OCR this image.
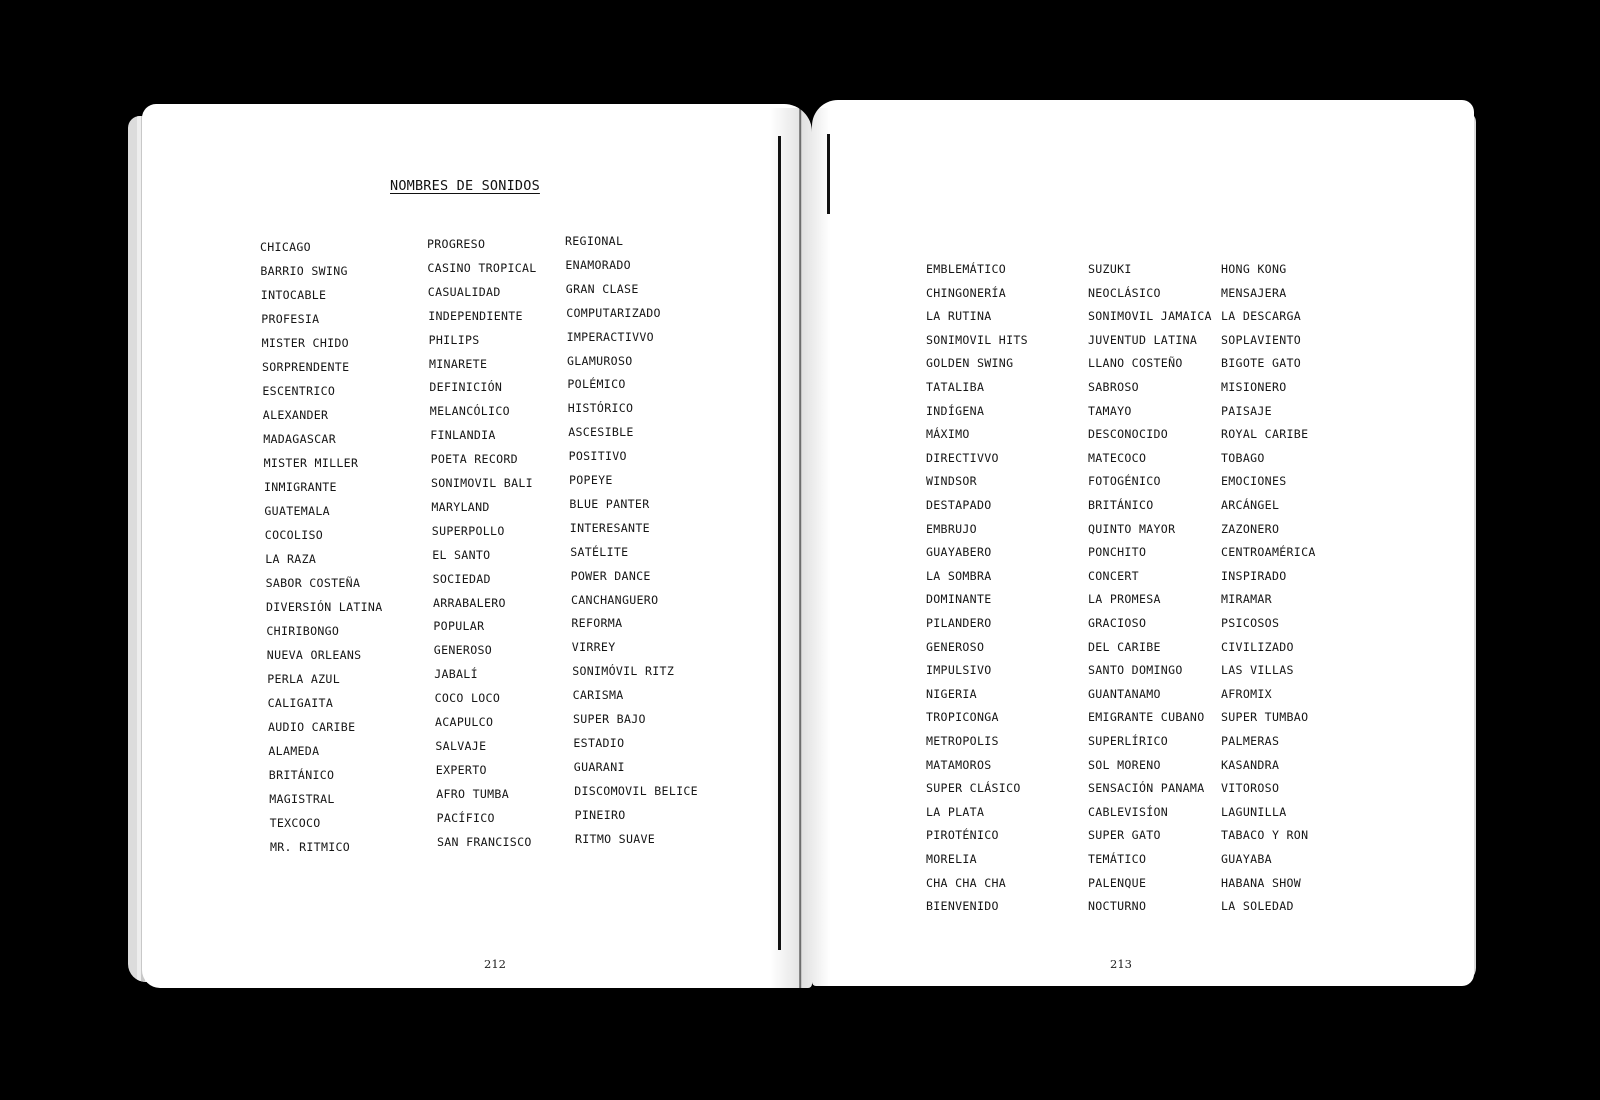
NOMBRES DE SONIDOS
CHICAGO
BARRIO SWING
INTOCABLE
PROFESIA
MISTER CHIDO
SORPRENDENTE
ESCENTRICO
ALEXANDER
MADAGASCAR
MISTER MILLER
INMIGRANTE
GUATEMALA
COCOLISO
LA RAZA
SABOR COSTEÑA
DIVERSIÓN LATINA
CHIRIBONGO
NUEVA ORLEANS
PERLA AZUL
CALIGAITA
AUDIO CARIBE
ALAMEDA
BRITÁNICO
MAGISTRAL
TEXCOCO
MR. RITMICO
PROGRESO
CASINO TROPICAL
CASUALIDAD
INDEPENDIENTE
PHILIPS
MINARETE
DEFINICIÓN
MELANCÓLICO
FINLANDIA
POETA RECORD
SONIMOVIL BALI
MARYLAND
SUPERPOLLO
EL SANTO
SOCIEDAD
ARRABALERO
POPULAR
GENEROSO
JABALÍ
COCO LOCO
ACAPULCO
SALVAJE
EXPERTO
AFRO TUMBA
PACÍFICO
SAN FRANCISCO
REGIONAL
ENAMORADO
GRAN CLASE
COMPUTARIZADO
IMPERACTIVVO
GLAMUROSO
POLÉMICO
HISTÓRICO
ASCESIBLE
POSITIVO
POPEYE
BLUE PANTER
INTERESANTE
SATÉLITE
POWER DANCE
CANCHANGUERO
REFORMA
VIRREY
SONIMÓVIL RITZ
CARISMA
SUPER BAJO
ESTADIO
GUARANI
DISCOMOVIL BELICE
PINEIRO
RITMO SUAVE
EMBLEMÁTICO
CHINGONERÍA
LA RUTINA
SONIMOVIL HITS
GOLDEN SWING
TATALIBA
INDÍGENA
MÁXIMO
DIRECTIVVO
WINDSOR
DESTAPADO
EMBRUJO
GUAYABERO
LA SOMBRA
DOMINANTE
PILANDERO
GENEROSO
IMPULSIVO
NIGERIA
TROPICONGA
METROPOLIS
MATAMOROS
SUPER CLÁSICO
LA PLATA
PIROTÉNICO
MORELIA
CHA CHA CHA
BIENVENIDO
SUZUKI
NEOCLÁSICO
SONIMOVIL JAMAICA
JUVENTUD LATINA
LLANO COSTEÑO
SABROSO
TAMAYO
DESCONOCIDO
MATECOCO
FOTOGÉNICO
BRITÁNICO
QUINTO MAYOR
PONCHITO
CONCERT
LA PROMESA
GRACIOSO
DEL CARIBE
SANTO DOMINGO
GUANTANAMO
EMIGRANTE CUBANO
SUPERLÍRICO
SOL MORENO
SENSACIÓN PANAMA
CABLEVISÍON
SUPER GATO
TEMÁTICO
PALENQUE
NOCTURNO
HONG KONG
MENSAJERA
LA DESCARGA
SOPLAVIENTO
BIGOTE GATO
MISIONERO
PAISAJE
ROYAL CARIBE
TOBAGO
EMOCIONES
ARCÁNGEL
ZAZONERO
CENTROAMÉRICA
INSPIRADO
MIRAMAR
PSICOSOS
CIVILIZADO
LAS VILLAS
AFROMIX
SUPER TUMBAO
PALMERAS
KASANDRA
VITOROSO
LAGUNILLA
TABACO Y RON
GUAYABA
HABANA SHOW
LA SOLEDAD
212	213
